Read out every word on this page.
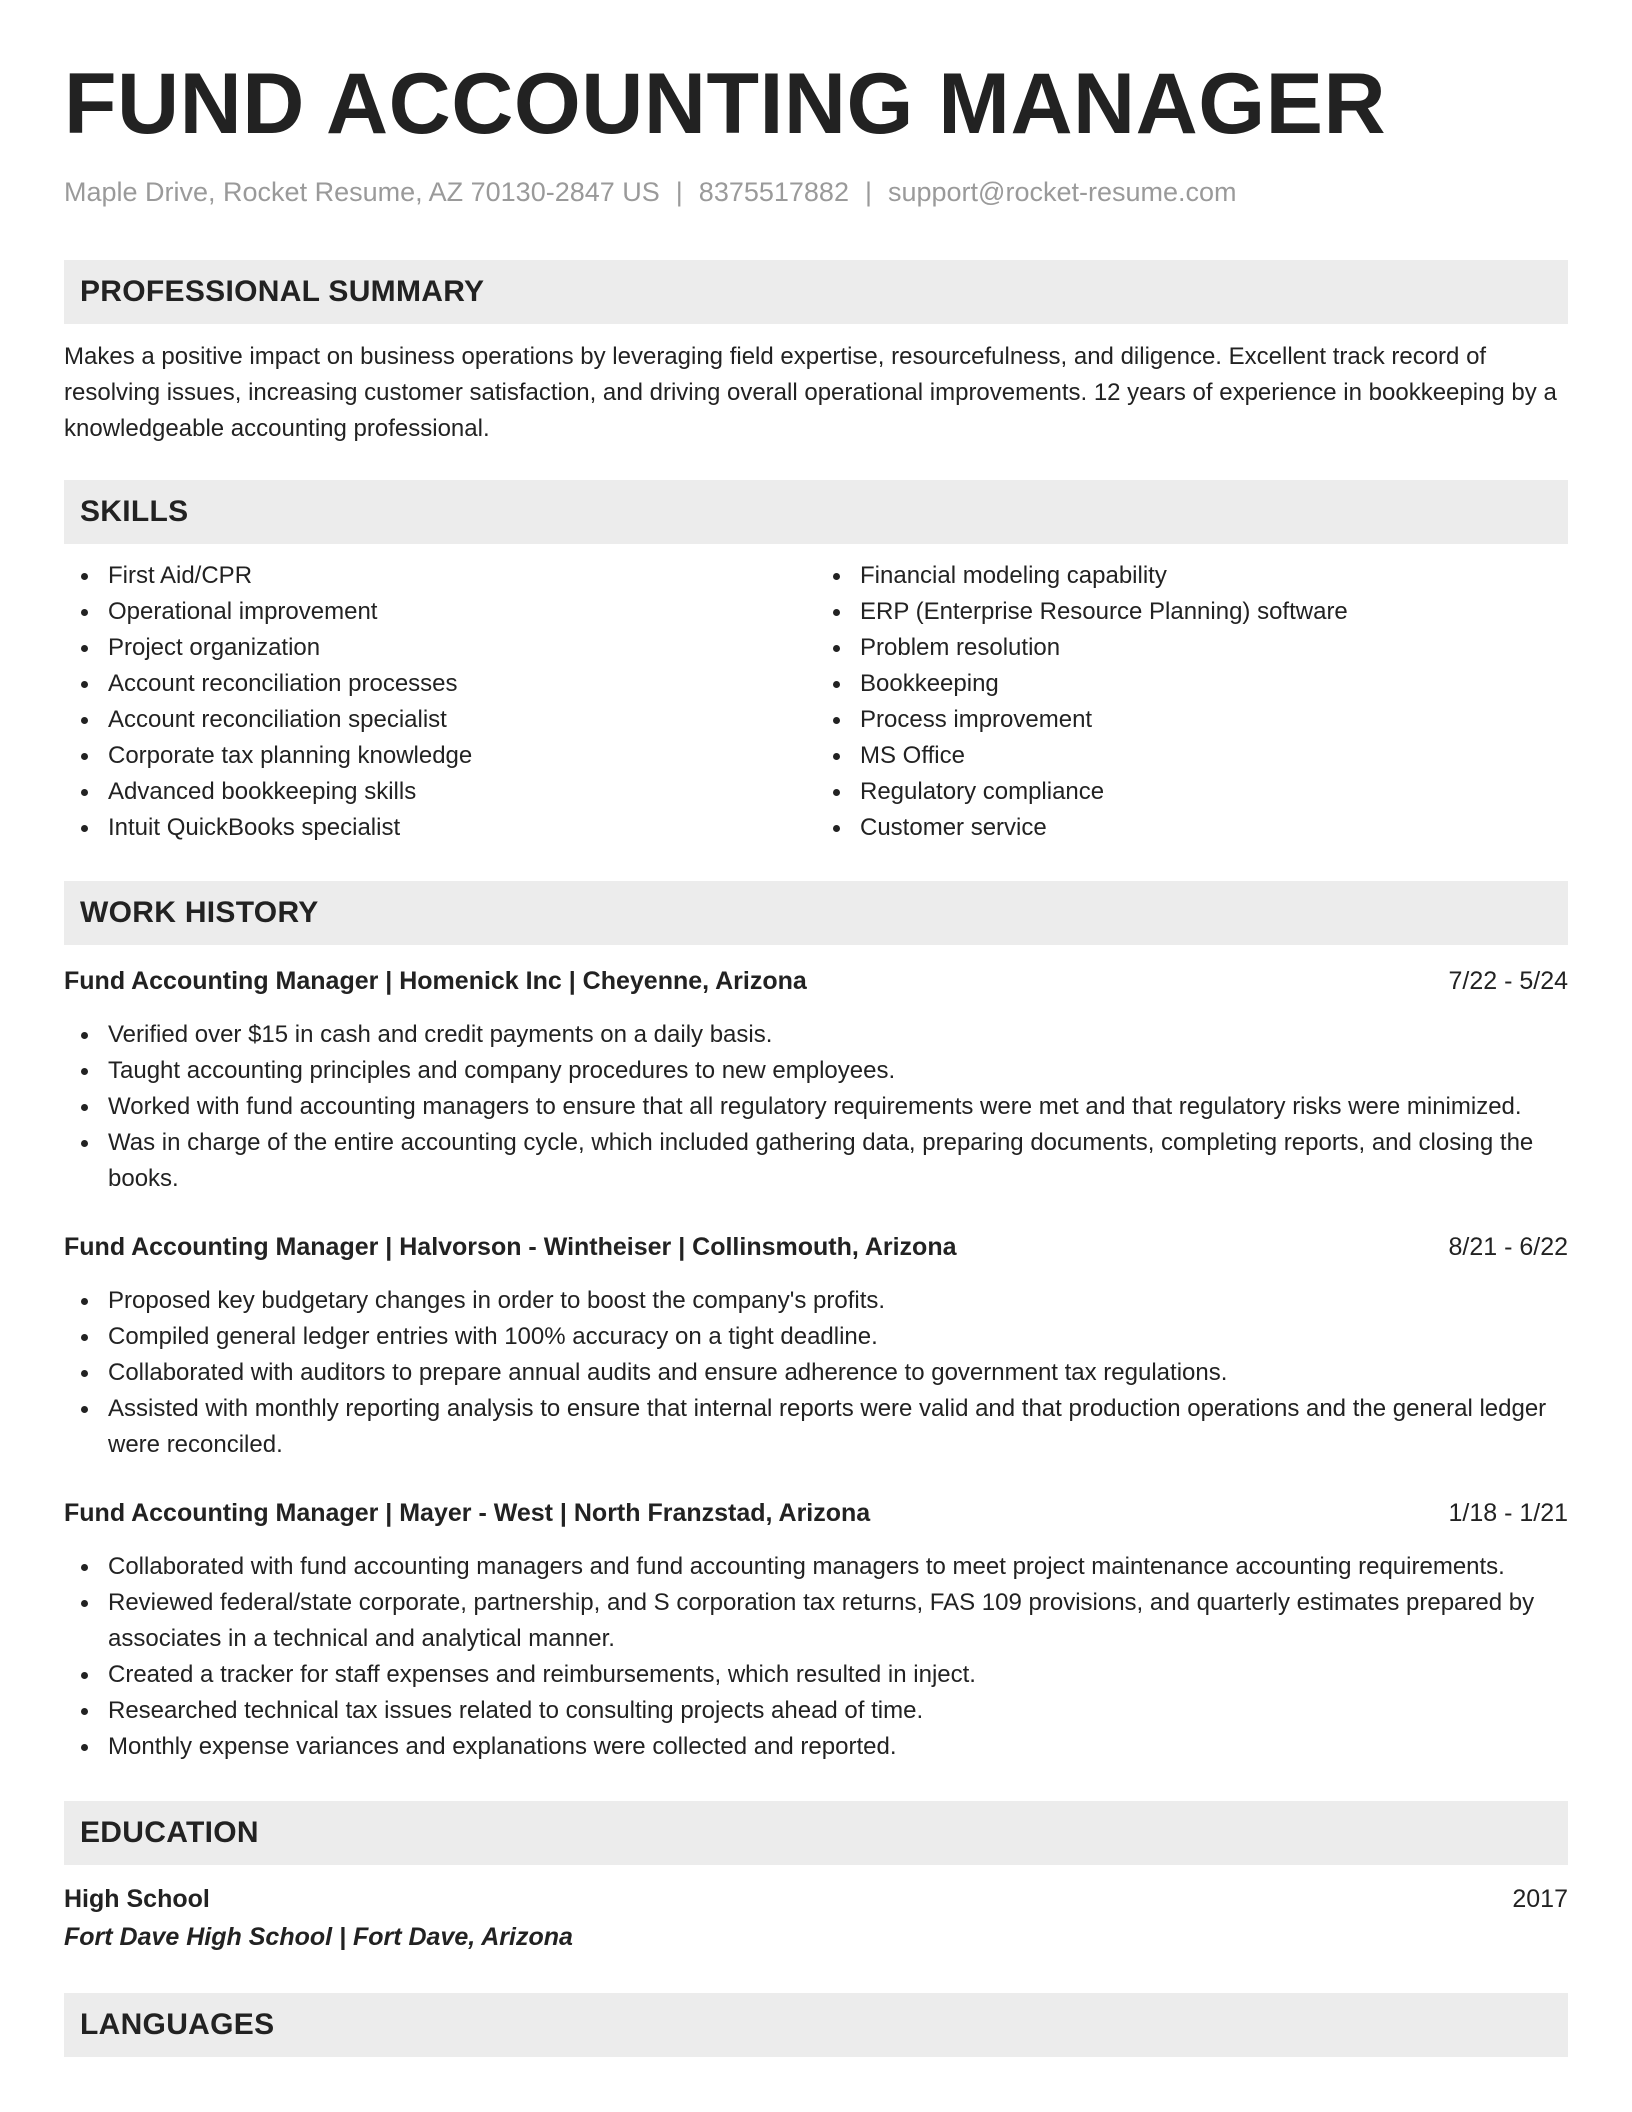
FUND ACCOUNTING MANAGER
Maple Drive, Rocket Resume, AZ 70130-2847 US | 8375517882 | support@rocket-resume.com
PROFESSIONAL SUMMARY
Makes a positive impact on business operations by leveraging field expertise, resourcefulness, and diligence. Excellent track record of resolving issues, increasing customer satisfaction, and driving overall operational improvements. 12 years of experience in bookkeeping by a knowledgeable accounting professional.
SKILLS
First Aid/CPR
Operational improvement
Project organization
Account reconciliation processes
Account reconciliation specialist
Corporate tax planning knowledge
Advanced bookkeeping skills
Intuit QuickBooks specialist
Financial modeling capability
ERP (Enterprise Resource Planning) software
Problem resolution
Bookkeeping
Process improvement
MS Office
Regulatory compliance
Customer service
WORK HISTORY
Fund Accounting Manager | Homenick Inc | Cheyenne, Arizona	7/22 - 5/24
Verified over $15 in cash and credit payments on a daily basis.
Taught accounting principles and company procedures to new employees.
Worked with fund accounting managers to ensure that all regulatory requirements were met and that regulatory risks were minimized.
Was in charge of the entire accounting cycle, which included gathering data, preparing documents, completing reports, and closing the books.
Fund Accounting Manager | Halvorson - Wintheiser | Collinsmouth, Arizona	8/21 - 6/22
Proposed key budgetary changes in order to boost the company's profits.
Compiled general ledger entries with 100% accuracy on a tight deadline.
Collaborated with auditors to prepare annual audits and ensure adherence to government tax regulations.
Assisted with monthly reporting analysis to ensure that internal reports were valid and that production operations and the general ledger were reconciled.
Fund Accounting Manager | Mayer - West | North Franzstad, Arizona	1/18 - 1/21
Collaborated with fund accounting managers and fund accounting managers to meet project maintenance accounting requirements.
Reviewed federal/state corporate, partnership, and S corporation tax returns, FAS 109 provisions, and quarterly estimates prepared by associates in a technical and analytical manner.
Created a tracker for staff expenses and reimbursements, which resulted in inject.
Researched technical tax issues related to consulting projects ahead of time.
Monthly expense variances and explanations were collected and reported.
EDUCATION
High School	2017
Fort Dave High School | Fort Dave, Arizona
LANGUAGES
